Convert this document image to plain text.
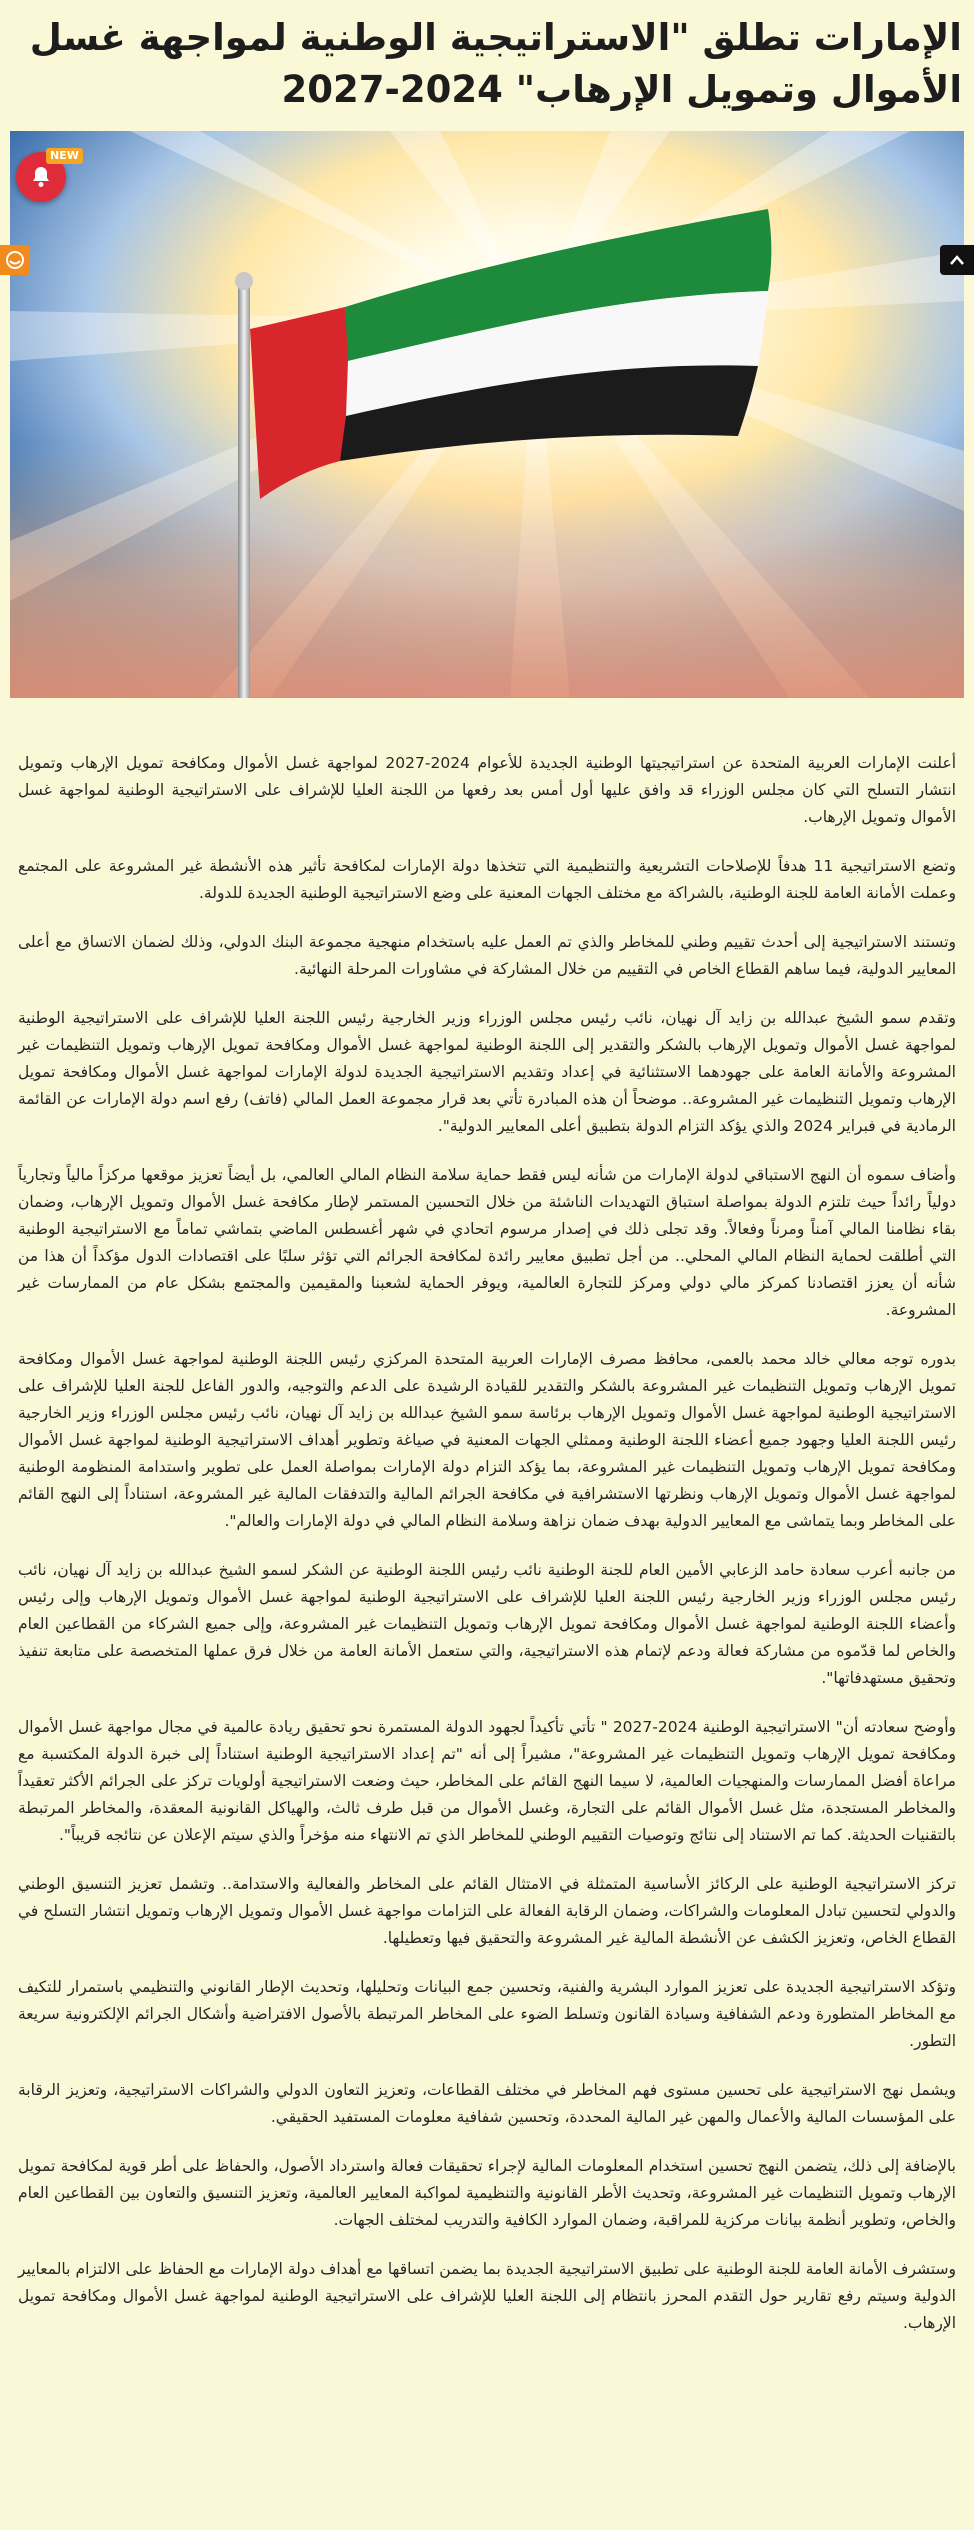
الإمارات تطلق "الاستراتيجية الوطنية لمواجهة غسل الأموال وتمويل الإرهاب" 2024-2027
NEW

أعلنت الإمارات العربية المتحدة عن استراتيجيتها الوطنية الجديدة للأعوام 2024-2027 لمواجهة غسل الأموال ومكافحة تمويل الإرهاب وتمويل انتشار التسلح التي كان مجلس الوزراء قد وافق عليها أول أمس بعد رفعها من اللجنة العليا للإشراف على الاستراتيجية الوطنية لمواجهة غسل الأموال وتمويل الإرهاب.

وتضع الاستراتيجية 11 هدفاً للإصلاحات التشريعية والتنظيمية التي تتخذها دولة الإمارات لمكافحة تأثير هذه الأنشطة غير المشروعة على المجتمع وعملت الأمانة العامة للجنة الوطنية، بالشراكة مع مختلف الجهات المعنية على وضع الاستراتيجية الوطنية الجديدة للدولة.

وتستند الاستراتيجية إلى أحدث تقييم وطني للمخاطر والذي تم العمل عليه باستخدام منهجية مجموعة البنك الدولي، وذلك لضمان الاتساق مع أعلى المعايير الدولية، فيما ساهم القطاع الخاص في التقييم من خلال المشاركة في مشاورات المرحلة النهائية.

وتقدم سمو الشيخ عبدالله بن زايد آل نهيان، نائب رئيس مجلس الوزراء وزير الخارجية رئيس اللجنة العليا للإشراف على الاستراتيجية الوطنية لمواجهة غسل الأموال وتمويل الإرهاب بالشكر والتقدير إلى اللجنة الوطنية لمواجهة غسل الأموال ومكافحة تمويل الإرهاب وتمويل التنظيمات غير المشروعة والأمانة العامة على جهودهما الاستثنائية في إعداد وتقديم الاستراتيجية الجديدة لدولة الإمارات لمواجهة غسل الأموال ومكافحة تمويل الإرهاب وتمويل التنظيمات غير المشروعة.. موضحاً أن هذه المبادرة تأتي بعد قرار مجموعة العمل المالي (فاتف) رفع اسم دولة الإمارات عن القائمة الرمادية في فبراير 2024 والذي يؤكد التزام الدولة بتطبيق أعلى المعايير الدولية".

وأضاف سموه أن النهج الاستباقي لدولة الإمارات من شأنه ليس فقط حماية سلامة النظام المالي العالمي، بل أيضاً تعزيز موقعها مركزاً مالياً وتجارياً دولياً رائداً حيث تلتزم الدولة بمواصلة استباق التهديدات الناشئة من خلال التحسين المستمر لإطار مكافحة غسل الأموال وتمويل الإرهاب، وضمان بقاء نظامنا المالي آمناً ومرناً وفعالاً. وقد تجلى ذلك في إصدار مرسوم اتحادي في شهر أغسطس الماضي بتماشي تماماً مع الاستراتيجية الوطنية التي أطلقت لحماية النظام المالي المحلي.. من أجل تطبيق معايير رائدة لمكافحة الجرائم التي تؤثر سلبًا على اقتصادات الدول مؤكداً أن هذا من شأنه أن يعزز اقتصادنا كمركز مالي دولي ومركز للتجارة العالمية، ويوفر الحماية لشعبنا والمقيمين والمجتمع بشكل عام من الممارسات غير المشروعة.

بدوره توجه معالي خالد محمد بالعمى، محافظ مصرف الإمارات العربية المتحدة المركزي رئيس اللجنة الوطنية لمواجهة غسل الأموال ومكافحة تمويل الإرهاب وتمويل التنظيمات غير المشروعة بالشكر والتقدير للقيادة الرشيدة على الدعم والتوجيه، والدور الفاعل للجنة العليا للإشراف على الاستراتيجية الوطنية لمواجهة غسل الأموال وتمويل الإرهاب برئاسة سمو الشيخ عبدالله بن زايد آل نهيان، نائب رئيس مجلس الوزراء وزير الخارجية رئيس اللجنة العليا وجهود جميع أعضاء اللجنة الوطنية وممثلي الجهات المعنية في صياغة وتطوير أهداف الاستراتيجية الوطنية لمواجهة غسل الأموال ومكافحة تمويل الإرهاب وتمويل التنظيمات غير المشروعة، بما يؤكد التزام دولة الإمارات بمواصلة العمل على تطوير واستدامة المنظومة الوطنية لمواجهة غسل الأموال وتمويل الإرهاب ونظرتها الاستشرافية في مكافحة الجرائم المالية والتدفقات المالية غير المشروعة، استناداً إلى النهج القائم على المخاطر وبما يتماشى مع المعايير الدولية بهدف ضمان نزاهة وسلامة النظام المالي في دولة الإمارات والعالم".

من جانبه أعرب سعادة حامد الزعابي الأمين العام للجنة الوطنية نائب رئيس اللجنة الوطنية عن الشكر لسمو الشيخ عبدالله بن زايد آل نهيان، نائب رئيس مجلس الوزراء وزير الخارجية رئيس اللجنة العليا للإشراف على الاستراتيجية الوطنية لمواجهة غسل الأموال وتمويل الإرهاب وإلى رئيس وأعضاء اللجنة الوطنية لمواجهة غسل الأموال ومكافحة تمويل الإرهاب وتمويل التنظيمات غير المشروعة، وإلى جميع الشركاء من القطاعين العام والخاص لما قدّموه من مشاركة فعالة ودعم لإتمام هذه الاستراتيجية، والتي ستعمل الأمانة العامة من خلال فرق عملها المتخصصة على متابعة تنفيذ وتحقيق مستهدفاتها".

وأوضح سعادته أن" الاستراتيجية الوطنية 2024-2027 " تأتي تأكيداً لجهود الدولة المستمرة نحو تحقيق ريادة عالمية في مجال مواجهة غسل الأموال ومكافحة تمويل الإرهاب وتمويل التنظيمات غير المشروعة"، مشيراً إلى أنه "تم إعداد الاستراتيجية الوطنية استناداً إلى خبرة الدولة المكتسبة مع مراعاة أفضل الممارسات والمنهجيات العالمية، لا سيما النهج القائم على المخاطر، حيث وضعت الاستراتيجية أولويات تركز على الجرائم الأكثر تعقيداً والمخاطر المستجدة، مثل غسل الأموال القائم على التجارة، وغسل الأموال من قبل طرف ثالث، والهياكل القانونية المعقدة، والمخاطر المرتبطة بالتقنيات الحديثة. كما تم الاستناد إلى نتائج وتوصيات التقييم الوطني للمخاطر الذي تم الانتهاء منه مؤخراً والذي سيتم الإعلان عن نتائجه قريباً".

تركز الاستراتيجية الوطنية على الركائز الأساسية المتمثلة في الامتثال القائم على المخاطر والفعالية والاستدامة.. وتشمل تعزيز التنسيق الوطني والدولي لتحسين تبادل المعلومات والشراكات، وضمان الرقابة الفعالة على التزامات مواجهة غسل الأموال وتمويل الإرهاب وتمويل انتشار التسلح في القطاع الخاص، وتعزيز الكشف عن الأنشطة المالية غير المشروعة والتحقيق فيها وتعطيلها.

وتؤكد الاستراتيجية الجديدة على تعزيز الموارد البشرية والفنية، وتحسين جمع البيانات وتحليلها، وتحديث الإطار القانوني والتنظيمي باستمرار للتكيف مع المخاطر المتطورة ودعم الشفافية وسيادة القانون وتسلط الضوء على المخاطر المرتبطة بالأصول الافتراضية وأشكال الجرائم الإلكترونية سريعة التطور.

ويشمل نهج الاستراتيجية على تحسين مستوى فهم المخاطر في مختلف القطاعات، وتعزيز التعاون الدولي والشراكات الاستراتيجية، وتعزيز الرقابة على المؤسسات المالية والأعمال والمهن غير المالية المحددة، وتحسين شفافية معلومات المستفيد الحقيقي.

بالإضافة إلى ذلك، يتضمن النهج تحسين استخدام المعلومات المالية لإجراء تحقيقات فعالة واسترداد الأصول، والحفاظ على أطر قوية لمكافحة تمويل الإرهاب وتمويل التنظيمات غير المشروعة، وتحديث الأطر القانونية والتنظيمية لمواكبة المعايير العالمية، وتعزيز التنسيق والتعاون بين القطاعين العام والخاص، وتطوير أنظمة بيانات مركزية للمراقبة، وضمان الموارد الكافية والتدريب لمختلف الجهات.

وستشرف الأمانة العامة للجنة الوطنية على تطبيق الاستراتيجية الجديدة بما يضمن اتساقها مع أهداف دولة الإمارات مع الحفاظ على الالتزام بالمعايير الدولية وسيتم رفع تقارير حول التقدم المحرز بانتظام إلى اللجنة العليا للإشراف على الاستراتيجية الوطنية لمواجهة غسل الأموال ومكافحة تمويل الإرهاب.
